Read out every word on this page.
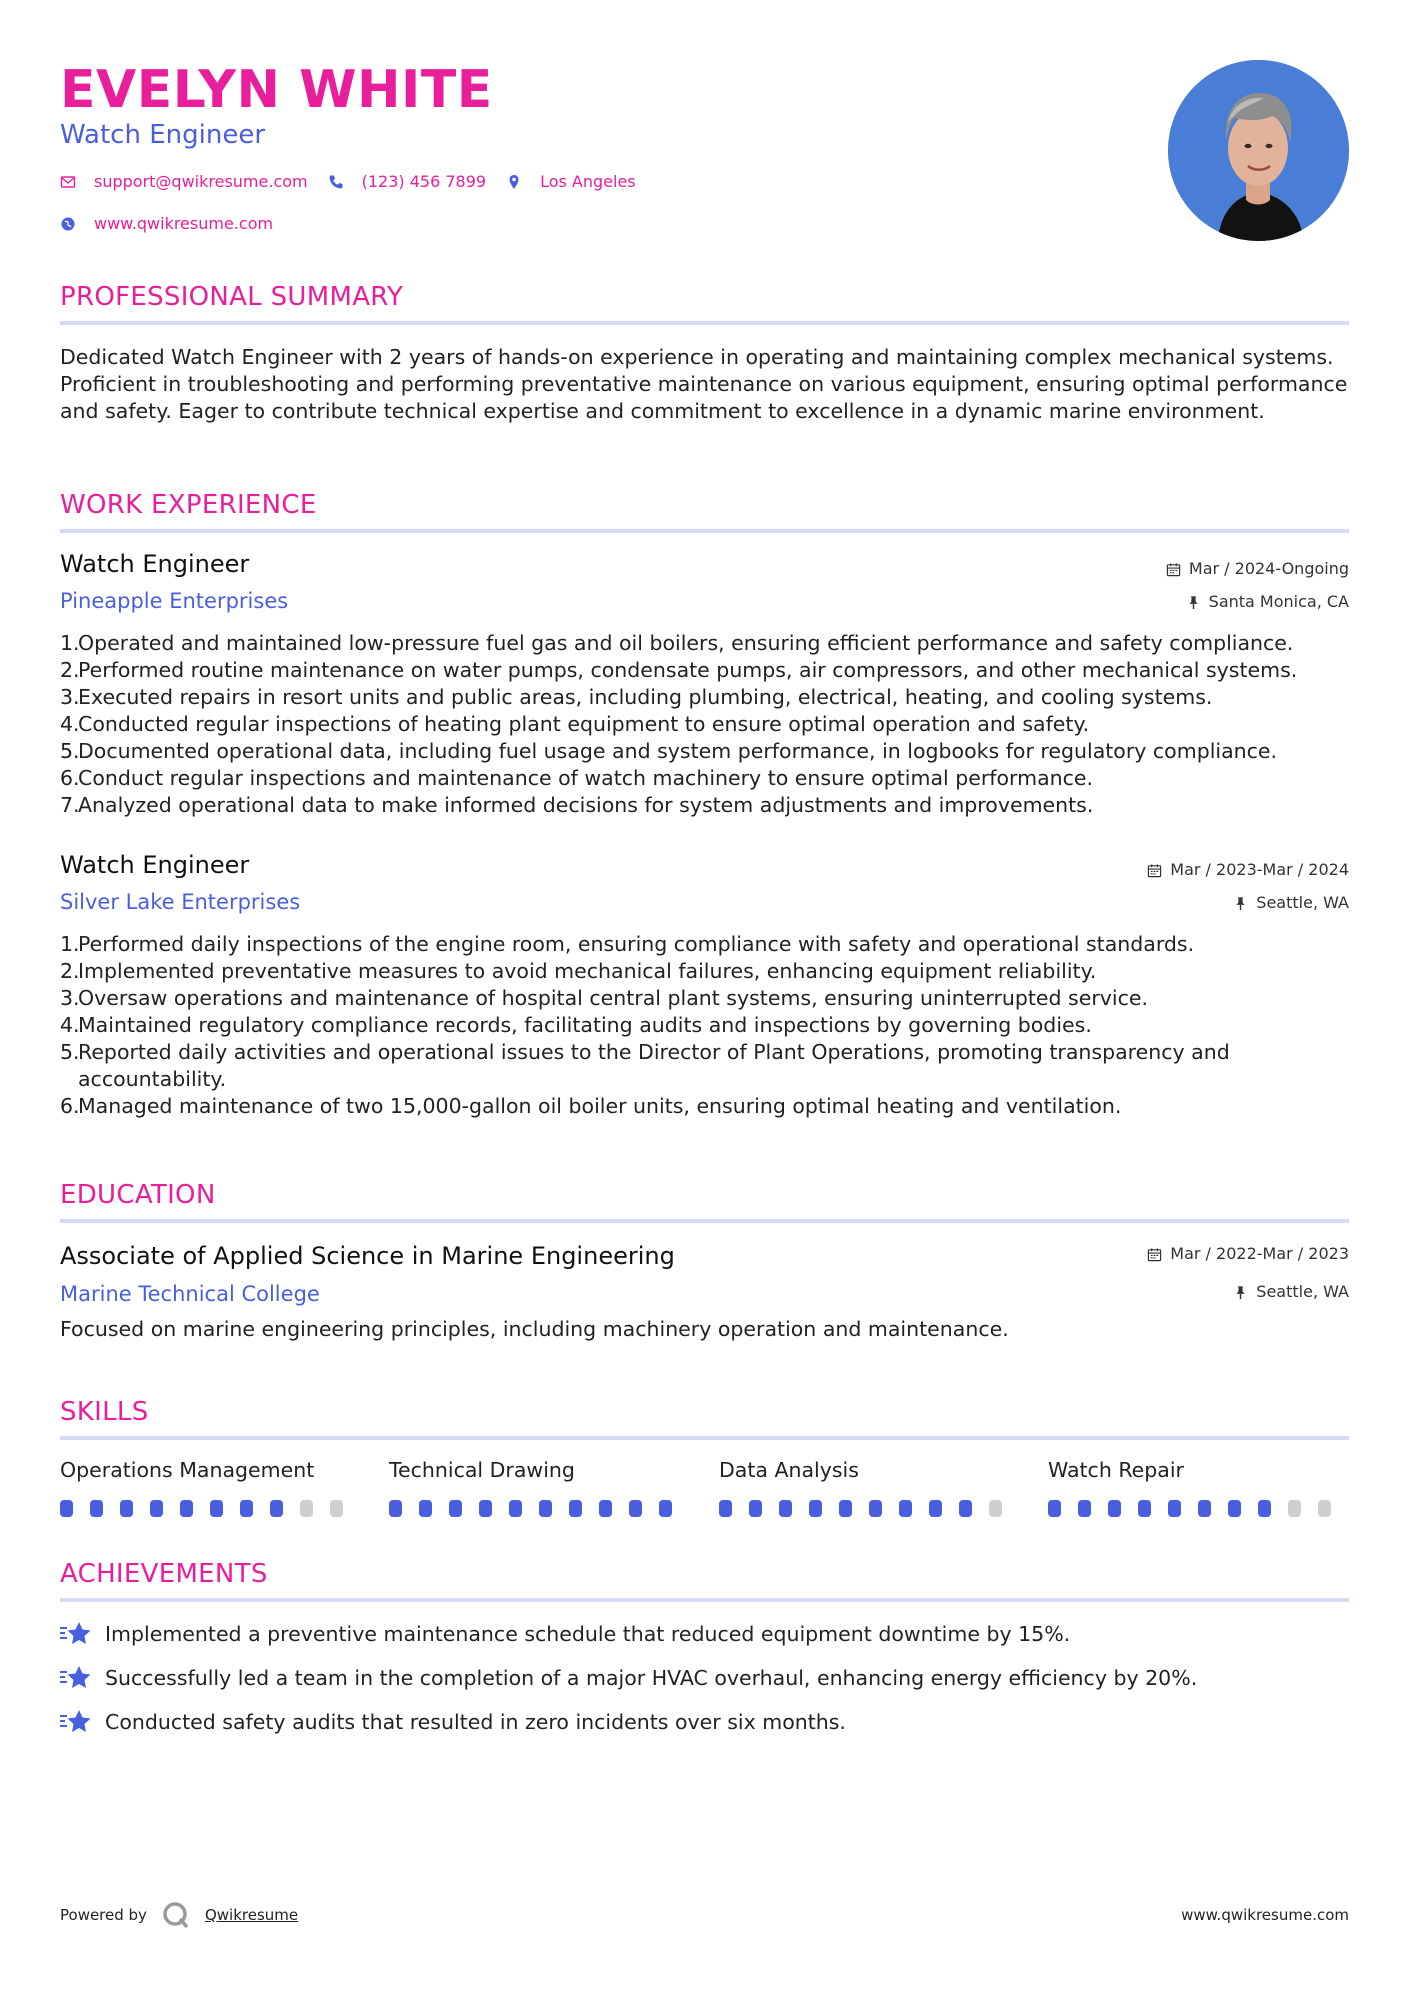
EVELYN WHITE
Watch Engineer
support@qwikresume.com	(123) 456 7899	Los Angeles
www.qwikresume.com
PROFESSIONAL SUMMARY
Dedicated Watch Engineer with 2 years of hands-on experience in operating and maintaining complex mechanical systems. Proficient in troubleshooting and performing preventative maintenance on various equipment, ensuring optimal performance and safety. Eager to contribute technical expertise and commitment to excellence in a dynamic marine environment.
WORK EXPERIENCE
Watch Engineer	Mar / 2024-Ongoing
Pineapple Enterprises	Santa Monica, CA
1.
Operated and maintained low-pressure fuel gas and oil boilers, ensuring efficient performance and safety compliance.
2.
Performed routine maintenance on water pumps, condensate pumps, air compressors, and other mechanical systems.
3.
Executed repairs in resort units and public areas, including plumbing, electrical, heating, and cooling systems.
4.
Conducted regular inspections of heating plant equipment to ensure optimal operation and safety.
5.
Documented operational data, including fuel usage and system performance, in logbooks for regulatory compliance.
6.
Conduct regular inspections and maintenance of watch machinery to ensure optimal performance.
7.
Analyzed operational data to make informed decisions for system adjustments and improvements.
Watch Engineer	Mar / 2023-Mar / 2024
Silver Lake Enterprises	Seattle, WA
1.
Performed daily inspections of the engine room, ensuring compliance with safety and operational standards.
2.
Implemented preventative measures to avoid mechanical failures, enhancing equipment reliability.
3.
Oversaw operations and maintenance of hospital central plant systems, ensuring uninterrupted service.
4.
Maintained regulatory compliance records, facilitating audits and inspections by governing bodies.
5.
Reported daily activities and operational issues to the Director of Plant Operations, promoting transparency and accountability.
6.
Managed maintenance of two 15,000-gallon oil boiler units, ensuring optimal heating and ventilation.
EDUCATION
Associate of Applied Science in Marine Engineering	Mar / 2022-Mar / 2023
Marine Technical College	Seattle, WA
Focused on marine engineering principles, including machinery operation and maintenance.
SKILLS
Operations Management	Technical Drawing	Data Analysis	Watch Repair
ACHIEVEMENTS
Implemented a preventive maintenance schedule that reduced equipment downtime by 15%.
Successfully led a team in the completion of a major HVAC overhaul, enhancing energy efficiency by 20%.
Conducted safety audits that resulted in zero incidents over six months.
Powered by	Qwikresume	www.qwikresume.com
